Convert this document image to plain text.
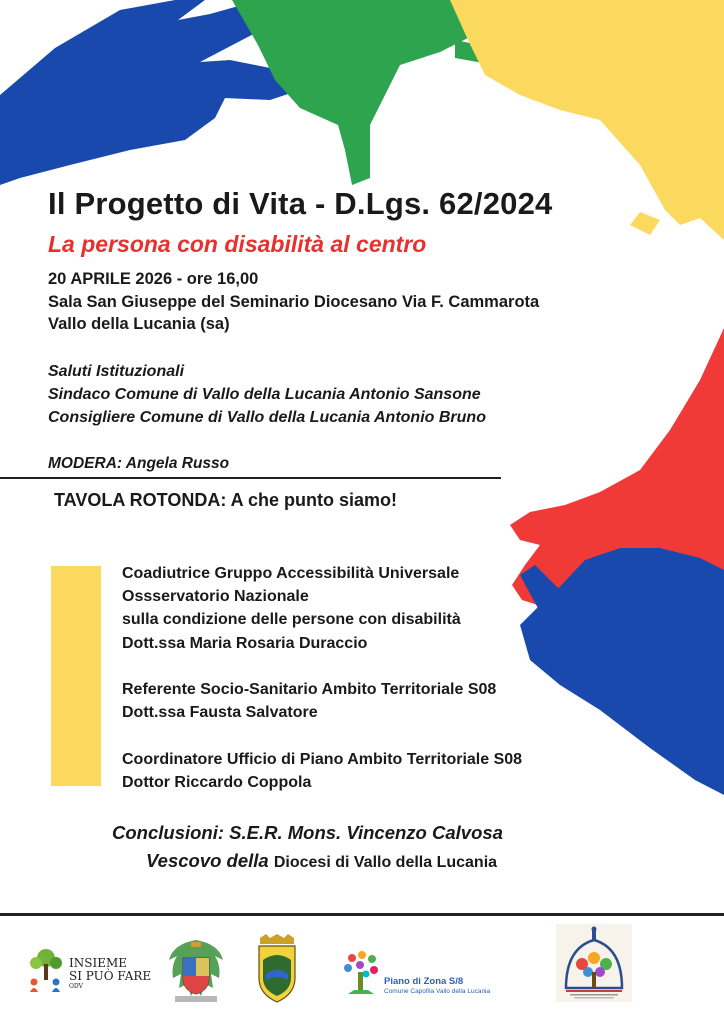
Il Progetto di Vita - D.Lgs. 62/2024
La persona con disabilità al centro
20 APRILE 2026 - ore 16,00
Sala San Giuseppe del Seminario Diocesano Via F. Cammarota
Vallo della Lucania (sa)
Saluti Istituzionali
Sindaco Comune di Vallo della Lucania Antonio Sansone
Consigliere Comune di Vallo della Lucania Antonio Bruno
MODERA: Angela Russo
TAVOLA ROTONDA: A che punto siamo!
Coadiutrice Gruppo Accessibilità Universale
Ossservatorio Nazionale
sulla condizione delle persone con disabilità
Dott.ssa Maria Rosaria Duraccio
Referente Socio-Sanitario Ambito Territoriale S08
Dott.ssa Fausta Salvatore
Coordinatore Ufficio di Piano Ambito Territoriale S08
Dottor Riccardo Coppola
Conclusioni: S.E.R. Mons. Vincenzo Calvosa
Vescovo della Diocesi di Vallo della Lucania
INSIEME
SI PUÒ FARE
ODV	Piano di Zona S/8
Comune Capofila Vallo della Lucania
